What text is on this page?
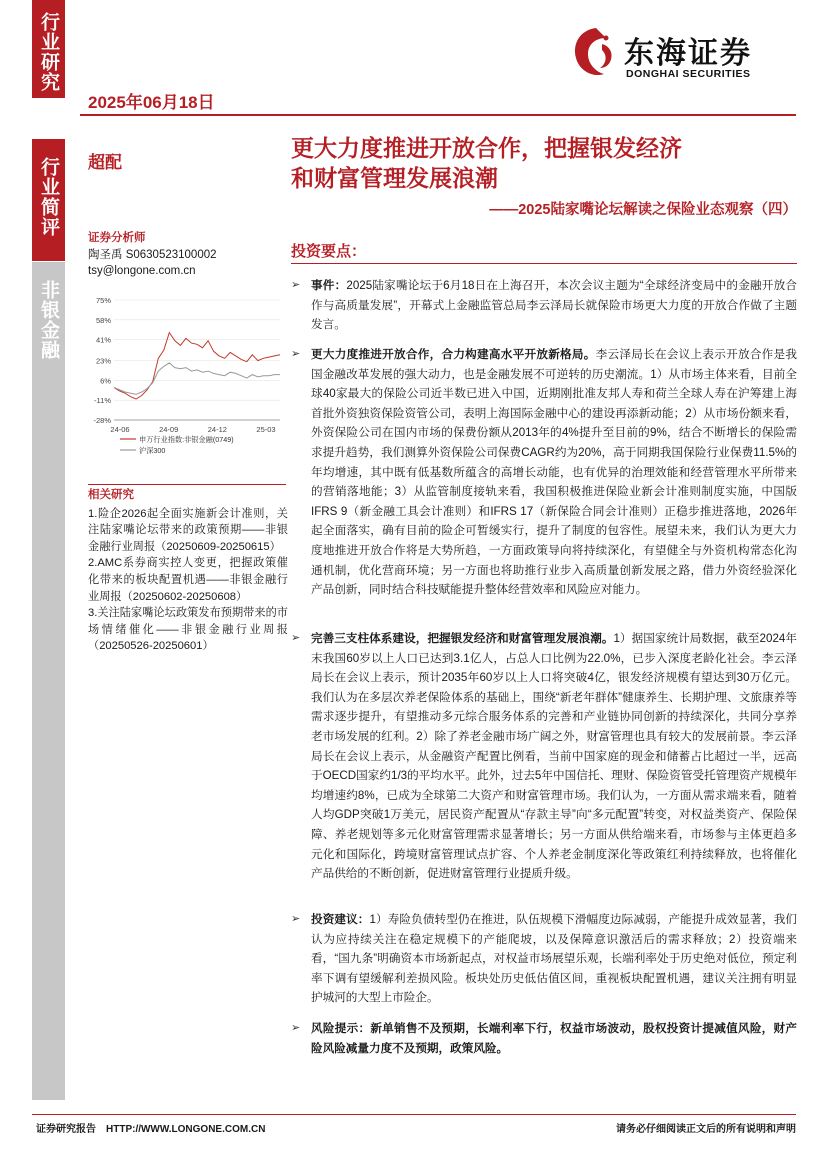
行业研究
行业简评
非银金融
2025年06月18日
东海证券
DONGHAI SECURITIES
超配
更大力度推进开放合作，把握银发经济
和财富管理发展浪潮
——2025陆家嘴论坛解读之保险业态观察（四）
证券分析师
陶圣禹 S0630523100002
tsy@longone.com.cn
75%
58%
41%
23%
6%
-11%
-28%
24-06	24-09	24-12	25-03
申万行业指数:非银金融(0749)
沪深300
相关研究
1.险企2026起全面实施新会计准则，关注陆家嘴论坛带来的政策预期——非银金融行业周报（20250609-20250615）
2.AMC系券商实控人变更，把握政策催化带来的板块配置机遇——非银金融行业周报（20250602-20250608）
3.关注陆家嘴论坛政策发布预期带来的市场情绪催化——非银金融行业周报（20250526-20250601）
投资要点：
➢ 事件：2025陆家嘴论坛于6月18日在上海召开，本次会议主题为“全球经济变局中的金融开放合作与高质量发展”，开幕式上金融监管总局李云泽局长就保险市场更大力度的开放合作做了主题发言。
➢ 更大力度推进开放合作，合力构建高水平开放新格局。李云泽局长在会议上表示开放合作是我国金融改革发展的强大动力，也是金融发展不可逆转的历史潮流。1）从市场主体来看，目前全球40家最大的保险公司近半数已进入中国，近期刚批准友邦人寿和荷兰全球人寿在沪筹建上海首批外资独资保险资管公司，表明上海国际金融中心的建设再添新动能；2）从市场份额来看，外资保险公司在国内市场的保费份额从2013年的4%提升至目前的9%，结合不断增长的保险需求提升趋势，我们测算外资保险公司保费CAGR约为20%，高于同期我国保险行业保费11.5%的年均增速，其中既有低基数所蕴含的高增长动能，也有优异的治理效能和经营管理水平所带来的营销落地能；3）从监管制度接轨来看，我国积极推进保险业新会计准则制度实施，中国版IFRS 9（新金融工具会计准则）和IFRS 17（新保险合同会计准则）正稳步推进落地，2026年起全面落实，确有目前的险企可暂缓实行，提升了制度的包容性。展望未来，我们认为更大力度地推进开放合作将是大势所趋，一方面政策导向将持续深化，有望健全与外资机构常态化沟通机制，优化营商环境；另一方面也将助推行业步入高质量创新发展之路，借力外资经验深化产品创新，同时结合科技赋能提升整体经营效率和风险应对能力。
➢ 完善三支柱体系建设，把握银发经济和财富管理发展浪潮。1）据国家统计局数据，截至2024年末我国60岁以上人口已达到3.1亿人，占总人口比例为22.0%，已步入深度老龄化社会。李云泽局长在会议上表示，预计2035年60岁以上人口将突破4亿，银发经济规模有望达到30万亿元。我们认为在多层次养老保险体系的基础上，围绕“新老年群体”健康养生、长期护理、文旅康养等需求逐步提升，有望推动多元综合服务体系的完善和产业链协同创新的持续深化，共同分享养老市场发展的红利。2）除了养老金融市场广阔之外，财富管理也具有较大的发展前景。李云泽局长在会议上表示，从金融资产配置比例看，当前中国家庭的现金和储蓄占比超过一半，远高于OECD国家约1/3的平均水平。此外，过去5年中国信托、理财、保险资管受托管理资产规模年均增速约8%，已成为全球第二大资产和财富管理市场。我们认为，一方面从需求端来看，随着人均GDP突破1万美元，居民资产配置从“存款主导”向“多元配置”转变，对权益类资产、保险保障、养老规划等多元化财富管理需求显著增长；另一方面从供给端来看，市场参与主体更趋多元化和国际化，跨境财富管理试点扩容、个人养老金制度深化等政策红利持续释放，也将催化产品供给的不断创新，促进财富管理行业提质升级。
➢ 投资建议：1）寿险负债转型仍在推进，队伍规模下滑幅度边际减弱，产能提升成效显著，我们认为应持续关注在稳定规模下的产能爬坡，以及保障意识激活后的需求释放；2）投资端来看，“国九条”明确资本市场新起点，对权益市场展望乐观，长端利率处于历史绝对低位，预定利率下调有望缓解利差损风险。板块处历史低估值区间，重视板块配置机遇，建议关注拥有明显护城河的大型上市险企。
➢ 风险提示：新单销售不及预期，长端利率下行，权益市场波动，股权投资计提减值风险，财产险风险减量力度不及预期，政策风险。
证券研究报告　HTTP://WWW.LONGONE.COM.CN	请务必仔细阅读正文后的所有说明和声明
